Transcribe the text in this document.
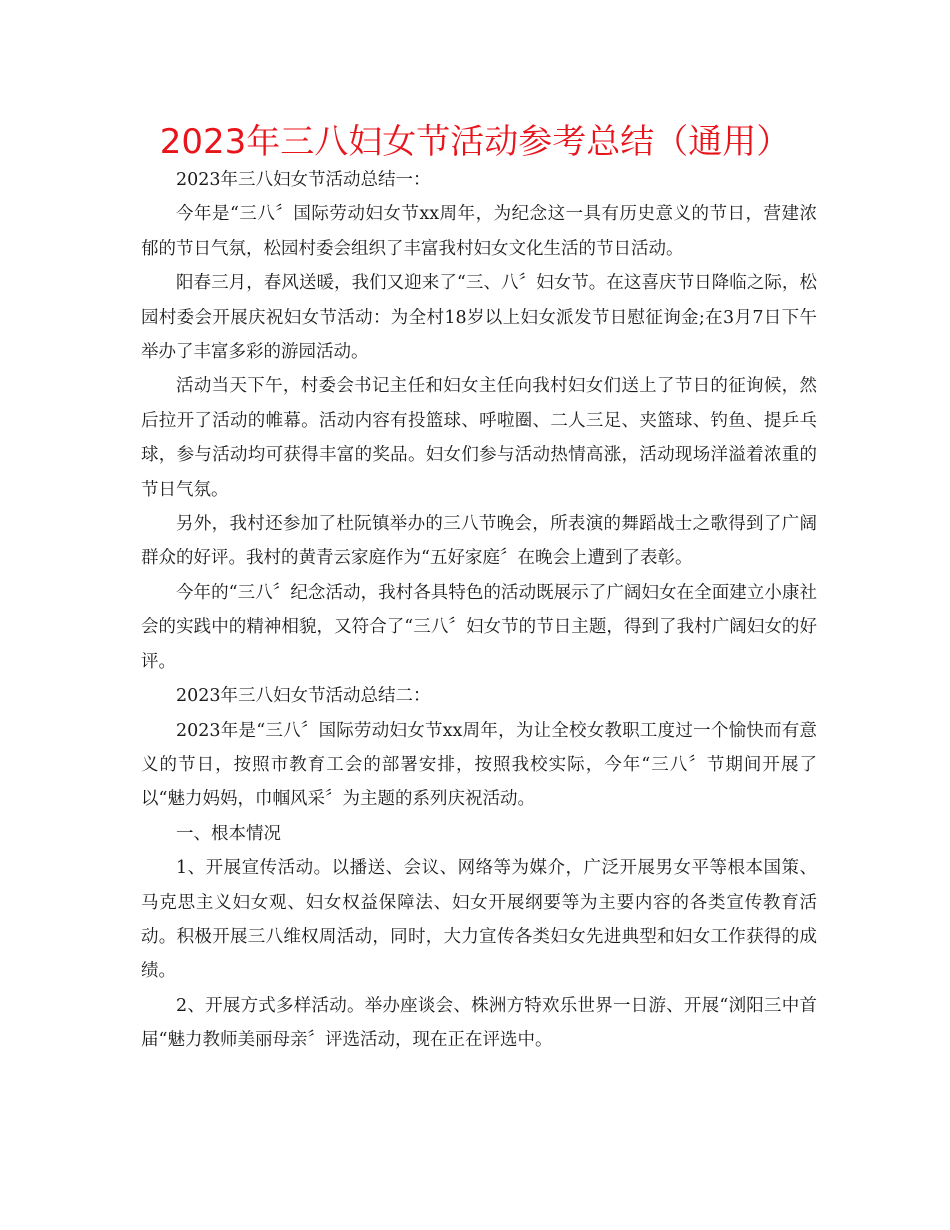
2023年三八妇女节活动参考总结（通用）

2023年三八妇女节活动总结一：

今年是“三八〞国际劳动妇女节xx周年，为纪念这一具有历史意义的节日，营建浓郁的节日气氛，松园村委会组织了丰富我村妇女文化生活的节日活动。

阳春三月，春风送暖，我们又迎来了“三、八〞妇女节。在这喜庆节日降临之际，松园村委会开展庆祝妇女节活动：为全村18岁以上妇女派发节日慰征询金;在3月7日下午举办了丰富多彩的游园活动。

活动当天下午，村委会书记主任和妇女主任向我村妇女们送上了节日的征询候，然后拉开了活动的帷幕。活动内容有投篮球、呼啦圈、二人三足、夹篮球、钓鱼、提乒乓球，参与活动均可获得丰富的奖品。妇女们参与活动热情高涨，活动现场洋溢着浓重的节日气氛。

另外，我村还参加了杜阮镇举办的三八节晚会，所表演的舞蹈战士之歌得到了广阔群众的好评。我村的黄青云家庭作为“五好家庭〞在晚会上遭到了表彰。

今年的“三八〞纪念活动，我村各具特色的活动既展示了广阔妇女在全面建立小康社会的实践中的精神相貌，又符合了“三八〞妇女节的节日主题，得到了我村广阔妇女的好评。

2023年三八妇女节活动总结二：

2023年是“三八〞国际劳动妇女节xx周年，为让全校女教职工度过一个愉快而有意义的节日，按照市教育工会的部署安排，按照我校实际，今年“三八〞节期间开展了以“魅力妈妈，巾帼风采〞为主题的系列庆祝活动。

一、根本情况

1、开展宣传活动。以播送、会议、网络等为媒介，广泛开展男女平等根本国策、马克思主义妇女观、妇女权益保障法、妇女开展纲要等为主要内容的各类宣传教育活动。积极开展三八维权周活动，同时，大力宣传各类妇女先进典型和妇女工作获得的成绩。

2、开展方式多样活动。举办座谈会、株洲方特欢乐世界一日游、开展“浏阳三中首届“魅力教师美丽母亲〞评选活动，现在正在评选中。
